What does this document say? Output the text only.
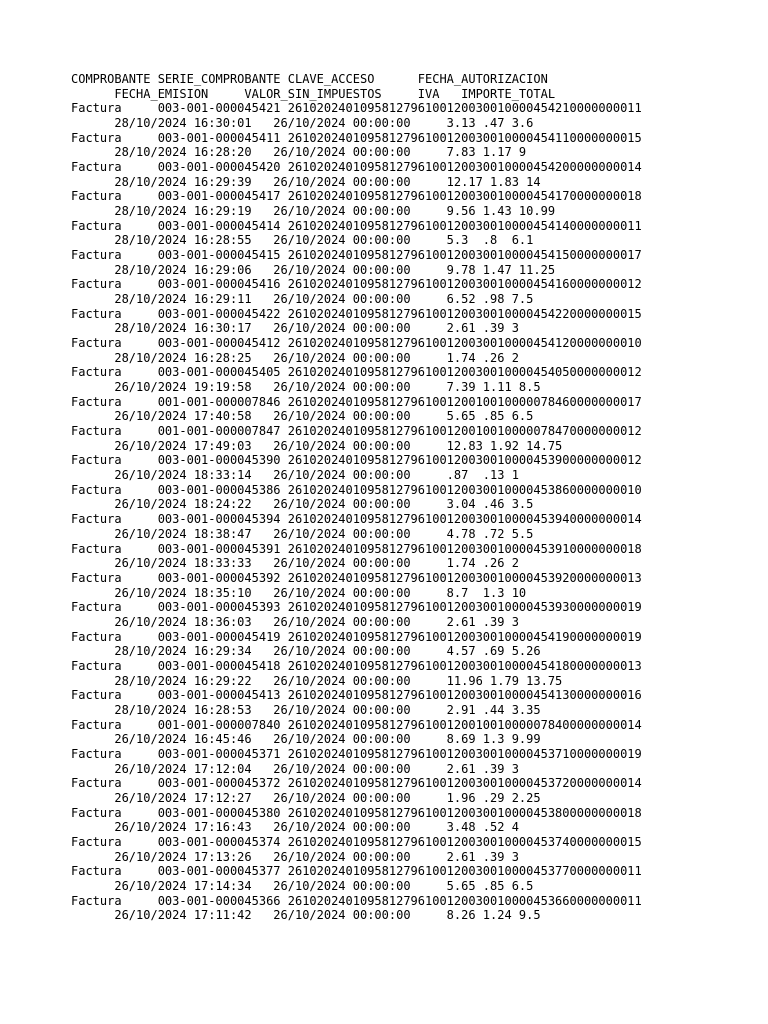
COMPROBANTE SERIE_COMPROBANTE CLAVE_ACCESO      FECHA_AUTORIZACION
FECHA_EMISION     VALOR_SIN_IMPUESTOS     IVA   IMPORTE_TOTAL
Factura     003-001-000045421 2610202401095812796100120030010000454210000000011
28/10/2024 16:30:01   26/10/2024 00:00:00     3.13 .47 3.6
Factura     003-001-000045411 2610202401095812796100120030010000454110000000015
28/10/2024 16:28:20   26/10/2024 00:00:00     7.83 1.17 9
Factura     003-001-000045420 2610202401095812796100120030010000454200000000014
28/10/2024 16:29:39   26/10/2024 00:00:00     12.17 1.83 14
Factura     003-001-000045417 2610202401095812796100120030010000454170000000018
28/10/2024 16:29:19   26/10/2024 00:00:00     9.56 1.43 10.99
Factura     003-001-000045414 2610202401095812796100120030010000454140000000011
28/10/2024 16:28:55   26/10/2024 00:00:00     5.3  .8  6.1
Factura     003-001-000045415 2610202401095812796100120030010000454150000000017
28/10/2024 16:29:06   26/10/2024 00:00:00     9.78 1.47 11.25
Factura     003-001-000045416 2610202401095812796100120030010000454160000000012
28/10/2024 16:29:11   26/10/2024 00:00:00     6.52 .98 7.5
Factura     003-001-000045422 2610202401095812796100120030010000454220000000015
28/10/2024 16:30:17   26/10/2024 00:00:00     2.61 .39 3
Factura     003-001-000045412 2610202401095812796100120030010000454120000000010
28/10/2024 16:28:25   26/10/2024 00:00:00     1.74 .26 2
Factura     003-001-000045405 2610202401095812796100120030010000454050000000012
26/10/2024 19:19:58   26/10/2024 00:00:00     7.39 1.11 8.5
Factura     001-001-000007846 2610202401095812796100120010010000078460000000017
26/10/2024 17:40:58   26/10/2024 00:00:00     5.65 .85 6.5
Factura     001-001-000007847 2610202401095812796100120010010000078470000000012
26/10/2024 17:49:03   26/10/2024 00:00:00     12.83 1.92 14.75
Factura     003-001-000045390 2610202401095812796100120030010000453900000000012
26/10/2024 18:33:14   26/10/2024 00:00:00     .87  .13 1
Factura     003-001-000045386 2610202401095812796100120030010000453860000000010
26/10/2024 18:24:22   26/10/2024 00:00:00     3.04 .46 3.5
Factura     003-001-000045394 2610202401095812796100120030010000453940000000014
26/10/2024 18:38:47   26/10/2024 00:00:00     4.78 .72 5.5
Factura     003-001-000045391 2610202401095812796100120030010000453910000000018
26/10/2024 18:33:33   26/10/2024 00:00:00     1.74 .26 2
Factura     003-001-000045392 2610202401095812796100120030010000453920000000013
26/10/2024 18:35:10   26/10/2024 00:00:00     8.7  1.3 10
Factura     003-001-000045393 2610202401095812796100120030010000453930000000019
26/10/2024 18:36:03   26/10/2024 00:00:00     2.61 .39 3
Factura     003-001-000045419 2610202401095812796100120030010000454190000000019
28/10/2024 16:29:34   26/10/2024 00:00:00     4.57 .69 5.26
Factura     003-001-000045418 2610202401095812796100120030010000454180000000013
28/10/2024 16:29:22   26/10/2024 00:00:00     11.96 1.79 13.75
Factura     003-001-000045413 2610202401095812796100120030010000454130000000016
28/10/2024 16:28:53   26/10/2024 00:00:00     2.91 .44 3.35
Factura     001-001-000007840 2610202401095812796100120010010000078400000000014
26/10/2024 16:45:46   26/10/2024 00:00:00     8.69 1.3 9.99
Factura     003-001-000045371 2610202401095812796100120030010000453710000000019
26/10/2024 17:12:04   26/10/2024 00:00:00     2.61 .39 3
Factura     003-001-000045372 2610202401095812796100120030010000453720000000014
26/10/2024 17:12:27   26/10/2024 00:00:00     1.96 .29 2.25
Factura     003-001-000045380 2610202401095812796100120030010000453800000000018
26/10/2024 17:16:43   26/10/2024 00:00:00     3.48 .52 4
Factura     003-001-000045374 2610202401095812796100120030010000453740000000015
26/10/2024 17:13:26   26/10/2024 00:00:00     2.61 .39 3
Factura     003-001-000045377 2610202401095812796100120030010000453770000000011
26/10/2024 17:14:34   26/10/2024 00:00:00     5.65 .85 6.5
Factura     003-001-000045366 2610202401095812796100120030010000453660000000011
26/10/2024 17:11:42   26/10/2024 00:00:00     8.26 1.24 9.5
